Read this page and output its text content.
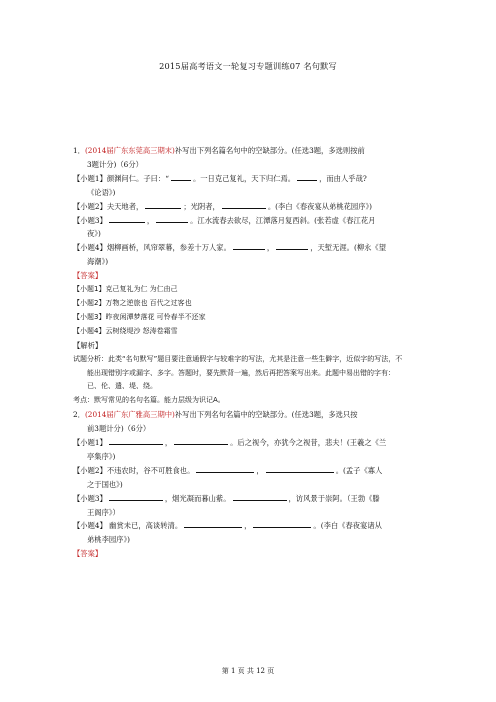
2015届高考语文一轮复习专题训练07 名句默写
1．(2014届广东东莞高三期末)补写出下列名篇名句中的空缺部分。(任选3题，多选则按前
3题计分)（6分）
【小题1】颜渊问仁。子曰：“	。一日克己复礼，天下归仁焉。	，而由人乎哉?
《论语》)
【小题2】夫天地者，	；光阴者，	。(李白《春夜宴从弟桃花园序》)
【小题3】	，	。江水流春去欲尽，江潭落月复西斜。(张若虚《春江花月
夜》)
【小题4】烟柳画桥，风帘翠幕，参差十万人家。	，	，天堑无涯。(柳永《望
海潮》)
【答案】
【小题1】克己复礼为仁 为仁由己
【小题2】万物之逆旅也 百代之过客也
【小题3】昨夜闲潭梦落花 可怜春半不还家
【小题4】云树绕堤沙 怒涛卷霜雪
【解析】
试题分析：此类“名句默写”题目要注意通假字与较难字的写法，尤其是注意一些生僻字，近似字的写法，不
能出现错别字或漏字、多字。答题时，要先默背一遍，然后再把答案写出来。此题中易出错的字有：
已、伦、遣、堤、绕。
考点：默写常见的名句名篇。能力层级为识记A。
2．(2014届广东广雅高三期中)补写出下列名句名篇中的空缺部分。(任选3题，多选只按
前3题计分)（6分）
【小题1】	，	。后之视今，亦犹今之视昔，悲夫！(王羲之《兰
亭集序》)
【小题2】不违农时，谷不可胜食也。	，	。(孟子《寡人
之于国也》)
【小题3】	，烟光凝而暮山紫。	，访风景于崇阿。（王勃《滕
王阁序》）
【小题4】 幽赏未已，高谈转清。	，	。(李白《春夜宴诸从
弟桃李园序》)
【答案】
第 1 页 共 12 页
